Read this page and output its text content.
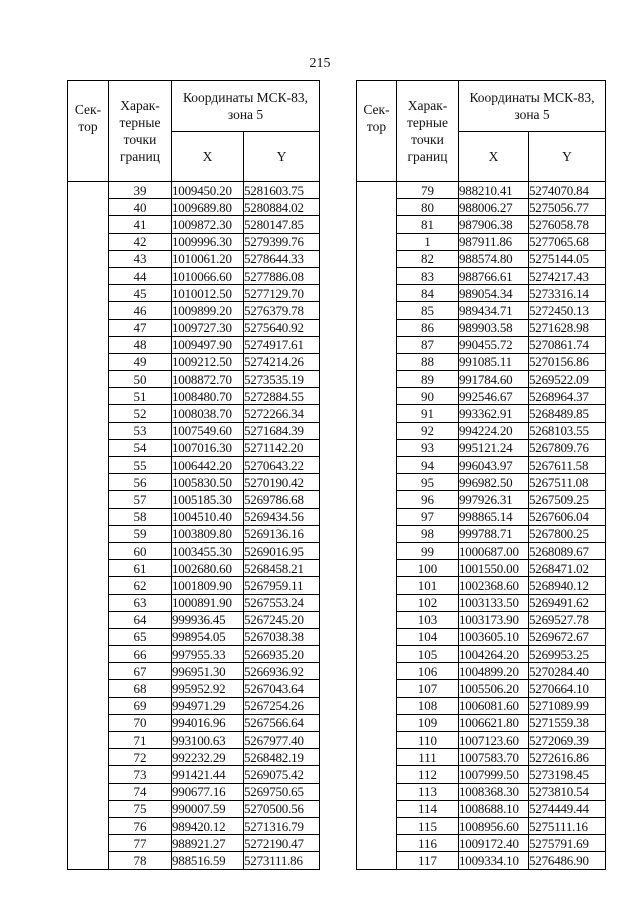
215
Сек-тор	Харак-терные точки границ	Координаты МСК-83, зона 5	
		X	Y
	39	1009450.20	5281603.75
	40	1009689.80	5280884.02
	41	1009872.30	5280147.85
	42	1009996.30	5279399.76
	43	1010061.20	5278644.33
	44	1010066.60	5277886.08
	45	1010012.50	5277129.70
	46	1009899.20	5276379.78
	47	1009727.30	5275640.92
	48	1009497.90	5274917.61
	49	1009212.50	5274214.26
	50	1008872.70	5273535.19
	51	1008480.70	5272884.55
	52	1008038.70	5272266.34
	53	1007549.60	5271684.39
	54	1007016.30	5271142.20
	55	1006442.20	5270643.22
	56	1005830.50	5270190.42
	57	1005185.30	5269786.68
	58	1004510.40	5269434.56
	59	1003809.80	5269136.16
	60	1003455.30	5269016.95
	61	1002680.60	5268458.21
	62	1001809.90	5267959.11
	63	1000891.90	5267553.24
	64	999936.45	5267245.20
	65	998954.05	5267038.38
	66	997955.33	5266935.20
	67	996951.30	5266936.92
	68	995952.92	5267043.64
	69	994971.29	5267254.26
	70	994016.96	5267566.64
	71	993100.63	5267977.40
	72	992232.29	5268482.19
	73	991421.44	5269075.42
	74	990677.16	5269750.65
	75	990007.59	5270500.56
	76	989420.12	5271316.79
	77	988921.27	5272190.47
	78	988516.59	5273111.86
Сек-тор	Харак-терные точки границ	Координаты МСК-83, зона 5	
		X	Y
	79	988210.41	5274070.84
	80	988006.27	5275056.77
	81	987906.38	5276058.78
	1	987911.86	5277065.68
	82	988574.80	5275144.05
	83	988766.61	5274217.43
	84	989054.34	5273316.14
	85	989434.71	5272450.13
	86	989903.58	5271628.98
	87	990455.72	5270861.74
	88	991085.11	5270156.86
	89	991784.60	5269522.09
	90	992546.67	5268964.37
	91	993362.91	5268489.85
	92	994224.20	5268103.55
	93	995121.24	5267809.76
	94	996043.97	5267611.58
	95	996982.50	5267511.08
	96	997926.31	5267509.25
	97	998865.14	5267606.04
	98	999788.71	5267800.25
	99	1000687.00	5268089.67
	100	1001550.00	5268471.02
	101	1002368.60	5268940.12
	102	1003133.50	5269491.62
	103	1003173.90	5269527.78
	104	1003605.10	5269672.67
	105	1004264.20	5269953.25
	106	1004899.20	5270284.40
	107	1005506.20	5270664.10
	108	1006081.60	5271089.99
	109	1006621.80	5271559.38
	110	1007123.60	5272069.39
	111	1007583.70	5272616.86
	112	1007999.50	5273198.45
	113	1008368.30	5273810.54
	114	1008688.10	5274449.44
	115	1008956.60	5275111.16
	116	1009172.40	5275791.69
	117	1009334.10	5276486.90
